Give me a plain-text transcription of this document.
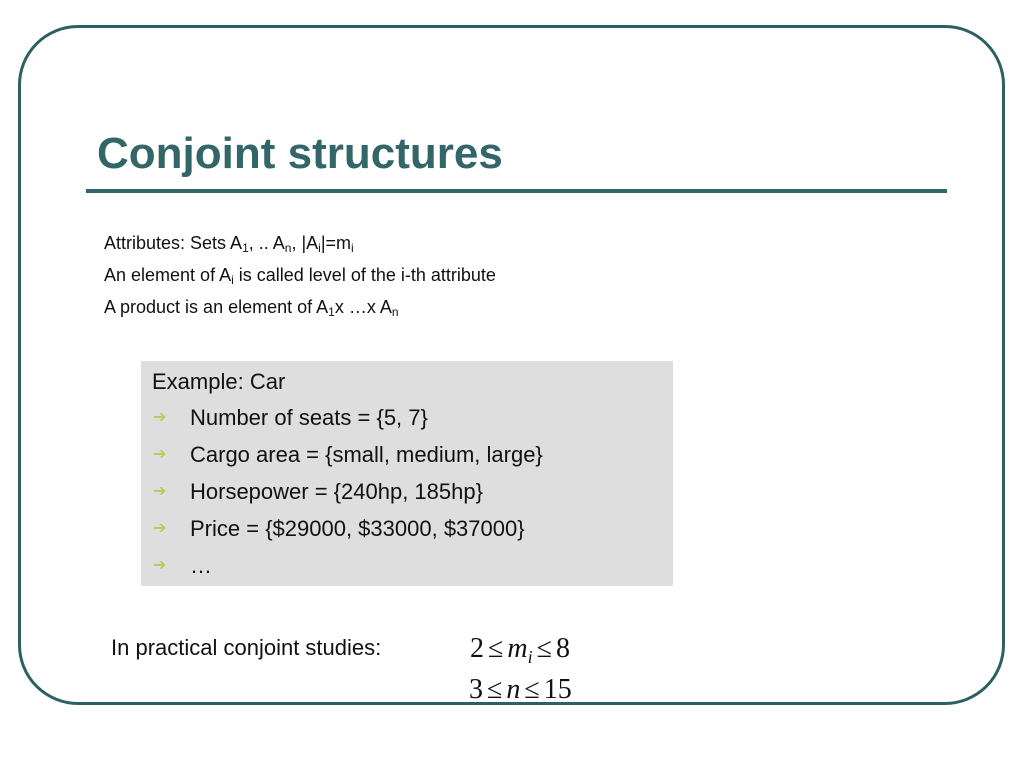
Conjoint structures
Attributes: Sets $A_1$, .. $A_n$, $|A_i|=m_i$
An element of $A_i$ is called level of the i-th attribute
A product is an element of $A_1x$ …x $A_n$
Example: Car
➔ Number of seats = {5, 7}
➔ Cargo area = {small, medium, large}
➔ Horsepower = {240hp, 185hp}
➔ Price = {$29000, $33000, $37000}
➔ …
In practical conjoint studies:	$2 \le m_i \le 8$
3 ≤ n ≤ 15
